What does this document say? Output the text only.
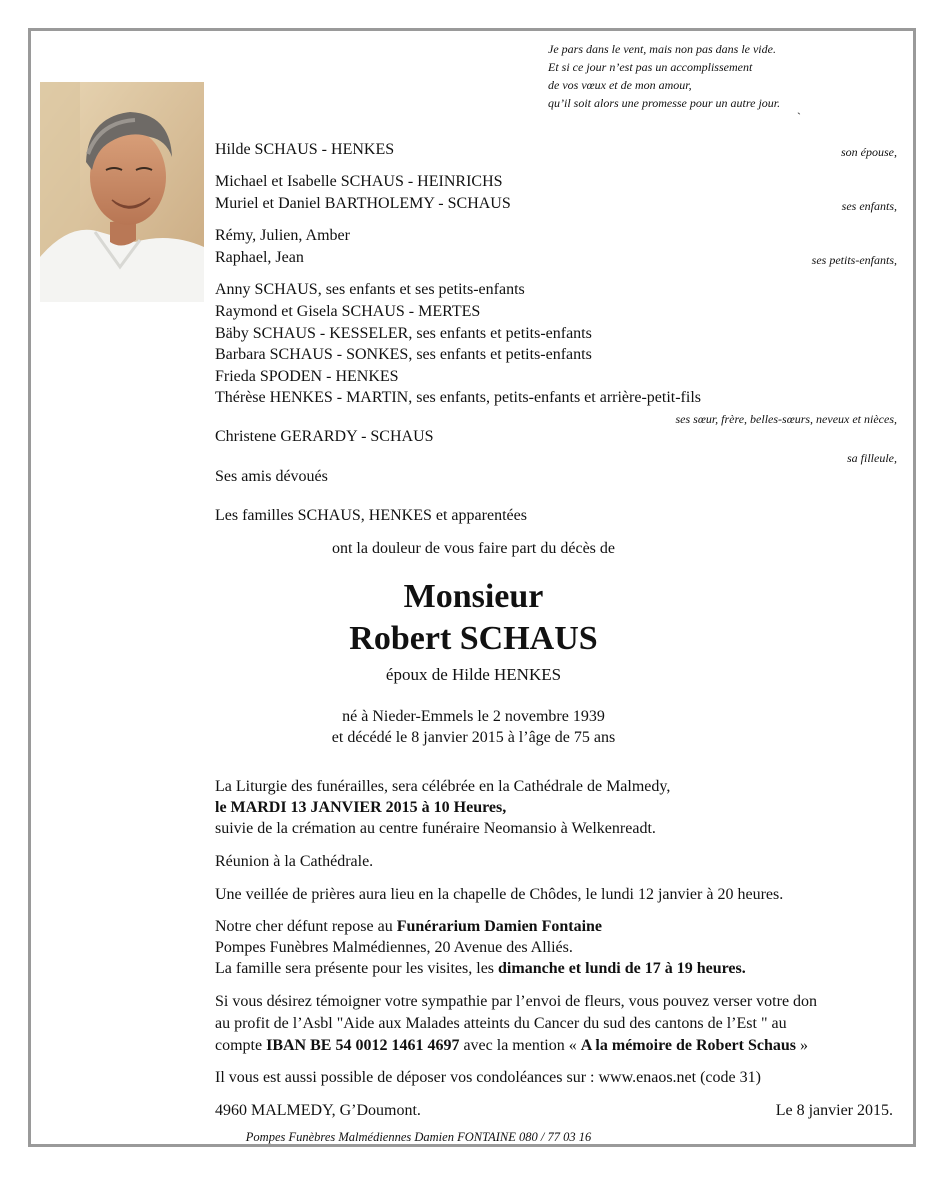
Je pars dans le vent, mais non pas dans le vide.
Et si ce jour n’est pas un accomplissement
de vos vœux et de mon amour,
qu’il soit alors une promesse pour un autre jour.
`
Hilde SCHAUS - HENKES	son épouse,
Michael et Isabelle SCHAUS - HEINRICHS
Muriel et Daniel BARTHOLEMY - SCHAUS	ses enfants,
Rémy, Julien, Amber
Raphael, Jean	ses petits-enfants,
Anny SCHAUS, ses enfants et ses petits-enfants
Raymond et Gisela SCHAUS - MERTES
Bäby SCHAUS - KESSELER, ses enfants et petits-enfants
Barbara SCHAUS - SONKES, ses enfants et petits-enfants
Frieda SPODEN - HENKES
Thérèse HENKES - MARTIN, ses enfants, petits-enfants et arrière-petit-fils
ses sœur, frère, belles-sœurs, neveux et nièces,
Christene GERARDY - SCHAUS
sa filleule,
Ses amis dévoués
Les familles SCHAUS, HENKES et apparentées
ont la douleur de vous faire part du décès de
Monsieur
Robert SCHAUS
époux de Hilde HENKES
né à Nieder-Emmels le 2 novembre 1939
et décédé le 8 janvier 2015 à l’âge de 75 ans
La Liturgie des funérailles, sera célébrée en la Cathédrale de Malmedy,
le MARDI 13 JANVIER 2015 à 10 Heures,
suivie de la crémation au centre funéraire Neomansio à Welkenreadt.
Réunion à la Cathédrale.
Une veillée de prières aura lieu en la chapelle de Chôdes, le lundi 12 janvier à 20 heures.
Notre cher défunt repose au Funérarium Damien Fontaine
Pompes Funèbres Malmédiennes, 20 Avenue des Alliés.
La famille sera présente pour les visites, les dimanche et lundi de 17 à 19 heures.
Si vous désirez témoigner votre sympathie par l’envoi de fleurs, vous pouvez verser votre don
au profit de l’Asbl "Aide aux Malades atteints du Cancer du sud des cantons de l’Est " au
compte IBAN BE 54 0012 1461 4697 avec la mention « A la mémoire de Robert Schaus »
Il vous est aussi possible de déposer vos condoléances sur : www.enaos.net (code 31)
4960 MALMEDY, G’Doumont.	Le 8 janvier 2015.
Pompes Funèbres Malmédiennes Damien FONTAINE 080 / 77 03 16
